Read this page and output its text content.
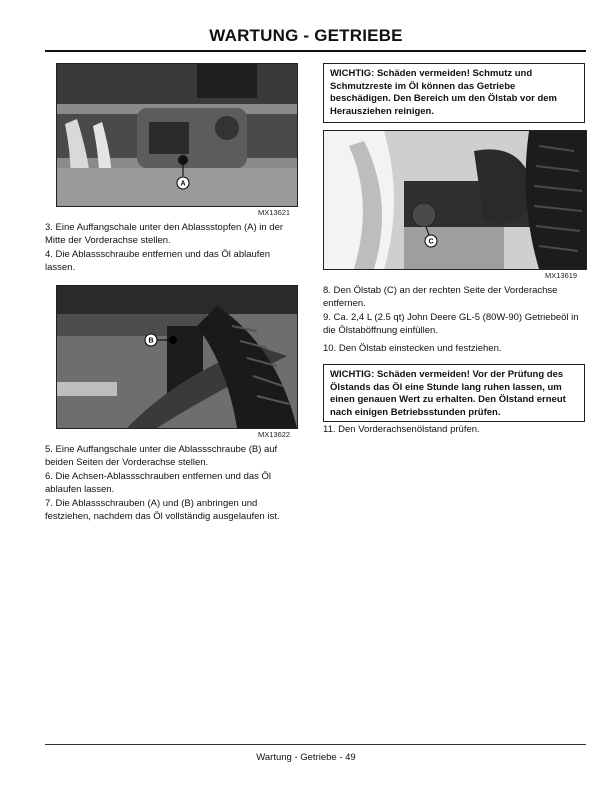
WARTUNG - GETRIEBE
A
MX13621

3. Eine Auffangschale unter den Ablassstopfen (A) in der Mitte der Vorderachse stellen.

4. Die Ablassschraube entfernen und das Öl ablaufen lassen.

B
MX13622

5. Eine Auffangschale unter die Ablassschraube (B) auf beiden Seiten der Vorderachse stellen.

6. Die Achsen-Ablassschrauben entfernen und das Öl ablaufen lassen.

7. Die Ablassschrauben (A) und (B) anbringen und festziehen, nachdem das Öl vollständig ausgelaufen ist.

WICHTIG: Schäden vermeiden! Schmutz und Schmutzreste im Öl können das Getriebe beschädigen. Den Bereich um den Ölstab vor dem Herausziehen reinigen.
C
MX13619

8. Den Ölstab (C) an der rechten Seite der Vorderachse entfernen.

9. Ca. 2,4 L (2.5 qt) John Deere GL-5 (80W-90) Getriebeöl in die Ölstaböffnung einfüllen.

10. Den Ölstab einstecken und festziehen.

WICHTIG: Schäden vermeiden! Vor der Prüfung des Ölstands das Öl eine Stunde lang ruhen lassen, um einen genauen Wert zu erhalten. Den Ölstand erneut nach einigen Betriebsstunden prüfen.

11. Den Vorderachsenölstand prüfen.

Wartung - Getriebe - 49
